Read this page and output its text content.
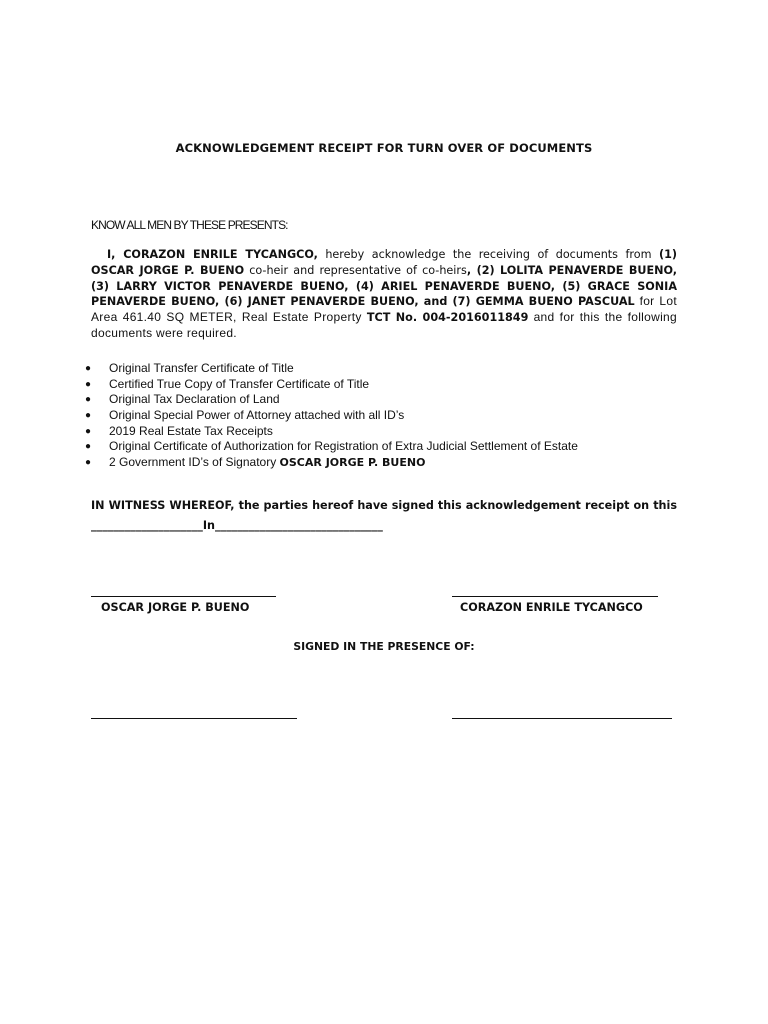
ACKNOWLEDGEMENT RECEIPT FOR TURN OVER OF DOCUMENTS
KNOW ALL MEN BY THESE PRESENTS:
I, CORAZON ENRILE TYCANGCO, hereby acknowledge the receiving of documents from (1) OSCAR JORGE P. BUENO co-heir and representative of co-heirs, (2) LOLITA PENAVERDE BUENO, (3) LARRY VICTOR PENAVERDE BUENO, (4) ARIEL PENAVERDE BUENO, (5) GRACE SONIA PENAVERDE BUENO, (6) JANET PENAVERDE BUENO, and (7) GEMMA BUENO PASCUAL for Lot Area 461.40 SQ METER, Real Estate Property TCT No. 004-2016011849 and for this the following documents were required.
● Original Transfer Certificate of Title
● Certified True Copy of Transfer Certificate of Title
● Original Tax Declaration of Land
● Original Special Power of Attorney attached with all ID’s
● 2019 Real Estate Tax Receipts
● Original Certificate of Authorization for Registration of Extra Judicial Settlement of Estate
● 2 Government ID’s of Signatory OSCAR JORGE P. BUENO
IN WITNESS WHEREOF, the parties hereof have signed this acknowledgement receipt on this
____________________In______________________________
OSCAR JORGE P. BUENO	CORAZON ENRILE TYCANGCO
SIGNED IN THE PRESENCE OF:
